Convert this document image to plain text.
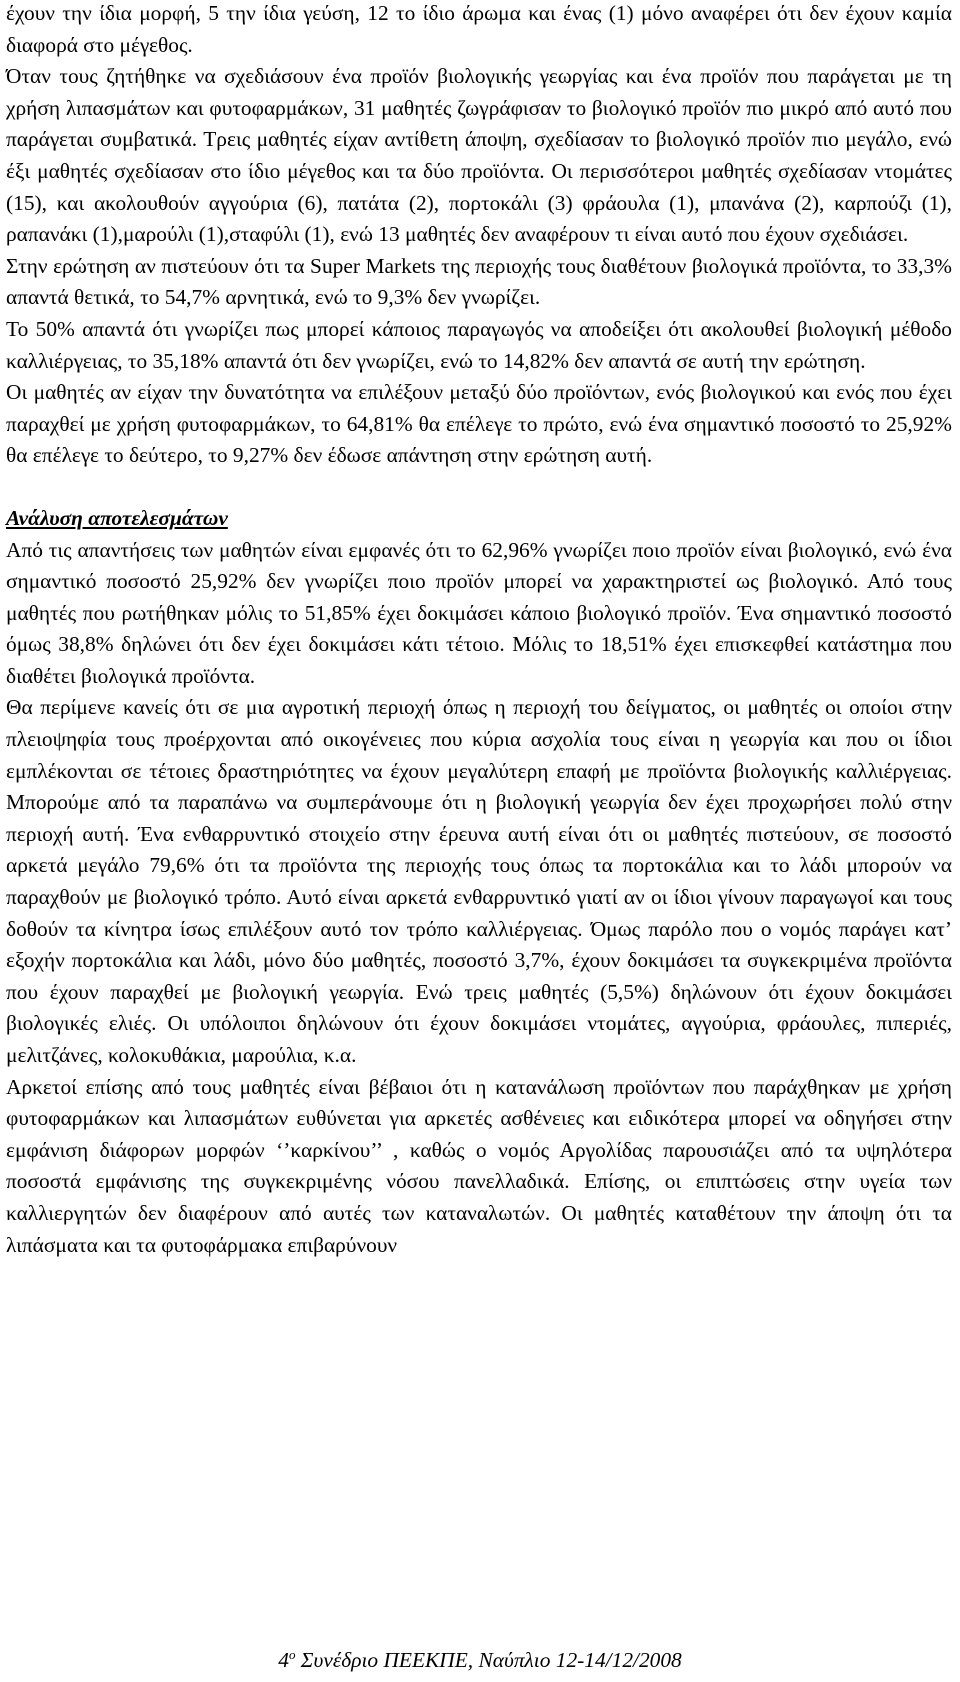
έχουν την ίδια μορφή, 5 την ίδια γεύση, 12 το ίδιο άρωμα και ένας (1) μόνο αναφέρει ότι δεν έχουν καμία διαφορά στο μέγεθος.

Όταν τους ζητήθηκε να σχεδιάσουν ένα προϊόν βιολογικής γεωργίας και ένα προϊόν που παράγεται με τη χρήση λιπασμάτων και φυτοφαρμάκων, 31 μαθητές ζωγράφισαν το βιολογικό προϊόν πιο μικρό από αυτό που παράγεται συμβατικά. Τρεις μαθητές είχαν αντίθετη άποψη, σχεδίασαν το βιολογικό προϊόν πιο μεγάλο, ενώ έξι μαθητές σχεδίασαν στο ίδιο μέγεθος και τα δύο προϊόντα. Οι περισσότεροι μαθητές σχεδίασαν ντομάτες (15), και ακολουθούν αγγούρια (6), πατάτα (2), πορτοκάλι (3) φράουλα (1), μπανάνα (2), καρπούζι (1), ραπανάκι (1),μαρούλι (1),σταφύλι (1), ενώ 13 μαθητές δεν αναφέρουν τι είναι αυτό που έχουν σχεδιάσει.

Στην ερώτηση αν πιστεύουν ότι τα Super Markets της περιοχής τους διαθέτουν βιολογικά προϊόντα, το 33,3% απαντά θετικά, το 54,7% αρνητικά, ενώ το 9,3% δεν γνωρίζει.

Το 50% απαντά ότι γνωρίζει πως μπορεί κάποιος παραγωγός να αποδείξει ότι ακολουθεί βιολογική μέθοδο καλλιέργειας, το 35,18% απαντά ότι δεν γνωρίζει, ενώ το 14,82% δεν απαντά σε αυτή την ερώτηση.

Οι μαθητές αν είχαν την δυνατότητα να επιλέξουν μεταξύ δύο προϊόντων, ενός βιολογικού και ενός που έχει παραχθεί με χρήση φυτοφαρμάκων, το 64,81% θα επέλεγε το πρώτο, ενώ ένα σημαντικό ποσοστό το 25,92% θα επέλεγε το δεύτερο, το 9,27% δεν έδωσε απάντηση στην ερώτηση αυτή.

Ανάλυση αποτελεσμάτων

Από τις απαντήσεις των μαθητών είναι εμφανές ότι το 62,96% γνωρίζει ποιο προϊόν είναι βιολογικό, ενώ ένα σημαντικό ποσοστό 25,92% δεν γνωρίζει ποιο προϊόν μπορεί να χαρακτηριστεί ως βιολογικό. Από τους μαθητές που ρωτήθηκαν μόλις το 51,85% έχει δοκιμάσει κάποιο βιολογικό προϊόν. Ένα σημαντικό ποσοστό όμως 38,8% δηλώνει ότι δεν έχει δοκιμάσει κάτι τέτοιο. Μόλις το 18,51% έχει επισκεφθεί κατάστημα που διαθέτει βιολογικά προϊόντα.

Θα περίμενε κανείς ότι σε μια αγροτική περιοχή όπως η περιοχή του δείγματος, οι μαθητές οι οποίοι στην πλειοψηφία τους προέρχονται από οικογένειες που κύρια ασχολία τους είναι η γεωργία και που οι ίδιοι εμπλέκονται σε τέτοιες δραστηριότητες να έχουν μεγαλύτερη επαφή με προϊόντα βιολογικής καλλιέργειας. Μπορούμε από τα παραπάνω να συμπεράνουμε ότι η βιολογική γεωργία δεν έχει προχωρήσει πολύ στην περιοχή αυτή. Ένα ενθαρρυντικό στοιχείο στην έρευνα αυτή είναι ότι οι μαθητές πιστεύουν, σε ποσοστό αρκετά μεγάλο 79,6% ότι τα προϊόντα της περιοχής τους όπως τα πορτοκάλια και το λάδι μπορούν να παραχθούν με βιολογικό τρόπο. Αυτό είναι αρκετά ενθαρρυντικό γιατί αν οι ίδιοι γίνουν παραγωγοί και τους δοθούν τα κίνητρα ίσως επιλέξουν αυτό τον τρόπο καλλιέργειας. Όμως παρόλο που ο νομός παράγει κατ’ εξοχήν πορτοκάλια και λάδι, μόνο δύο μαθητές, ποσοστό 3,7%, έχουν δοκιμάσει τα συγκεκριμένα προϊόντα που έχουν παραχθεί με βιολογική γεωργία. Ενώ τρεις μαθητές (5,5%) δηλώνουν ότι έχουν δοκιμάσει βιολογικές ελιές. Οι υπόλοιποι δηλώνουν ότι έχουν δοκιμάσει ντομάτες, αγγούρια, φράουλες, πιπεριές, μελιτζάνες, κολοκυθάκια, μαρούλια, κ.α.

Αρκετοί επίσης από τους μαθητές είναι βέβαιοι ότι η κατανάλωση προϊόντων που παράχθηκαν με χρήση φυτοφαρμάκων και λιπασμάτων ευθύνεται για αρκετές ασθένειες και ειδικότερα μπορεί να οδηγήσει στην εμφάνιση διάφορων μορφών ‘’καρκίνου’’ , καθώς ο νομός Αργολίδας παρουσιάζει από τα υψηλότερα ποσοστά εμφάνισης της συγκεκριμένης νόσου πανελλαδικά. Επίσης, οι επιπτώσεις στην υγεία των καλλιεργητών δεν διαφέρουν από αυτές των καταναλωτών. Οι μαθητές καταθέτουν την άποψη ότι τα λιπάσματα και τα φυτοφάρμακα επιβαρύνουν

$4^o$ Συνέδριο ΠΕΕΚΠΕ, Ναύπλιο 12-14/12/2008
